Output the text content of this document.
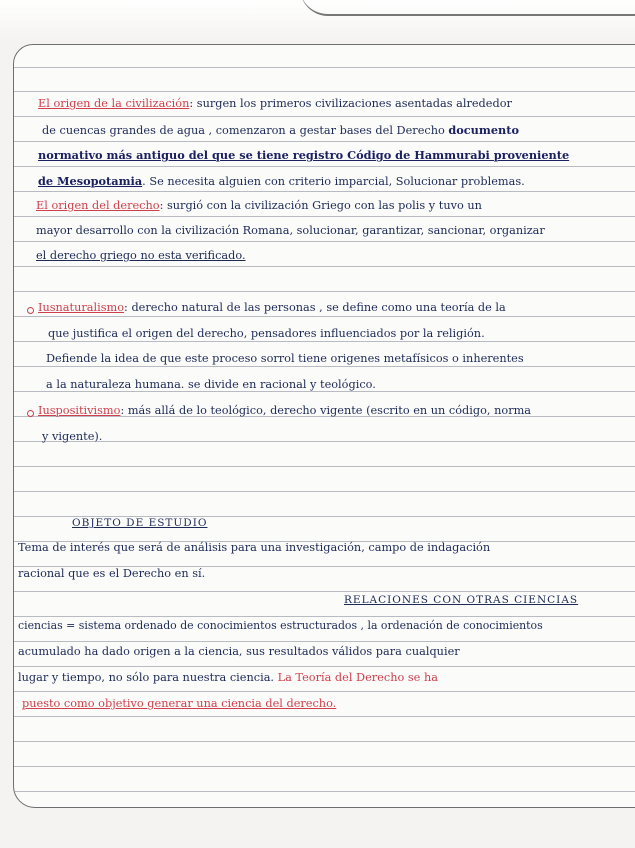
El origen de la civilización: surgen los primeros civilizaciones asentadas alrededor
de cuencas grandes de agua , comenzaron a gestar bases del Derecho documento
normativo más antiguo del que se tiene registro Código de Hammurabi proveniente
de Mesopotamia. Se necesita alguien con criterio imparcial, Solucionar problemas.
El origen del derecho: surgió con la civilización Griego con las polis y tuvo un
mayor desarrollo con la civilización Romana, solucionar, garantizar, sancionar, organizar
el derecho griego no esta verificado.
Iusnaturalismo: derecho natural de las personas , se define como una teoría de la
que justifica el origen del derecho, pensadores influenciados por la religión.
Defiende la idea de que este proceso sorrol tiene origenes metafísicos o inherentes
a la naturaleza humana. se divide en racional y teológico.
Iuspositivismo: más allá de lo teológico, derecho vigente (escrito en un código, norma
y vigente).
OBJETO DE ESTUDIO
Tema de interés que será de análisis para una investigación, campo de indagación
racional que es el Derecho en sí.
RELACIONES CON OTRAS CIENCIAS
ciencias = sistema ordenado de conocimientos estructurados , la ordenación de conocimientos
acumulado ha dado origen a la ciencia, sus resultados válidos para cualquier
lugar y tiempo, no sólo para nuestra ciencia. La Teoría del Derecho se ha
puesto como objetivo generar una ciencia del derecho.
